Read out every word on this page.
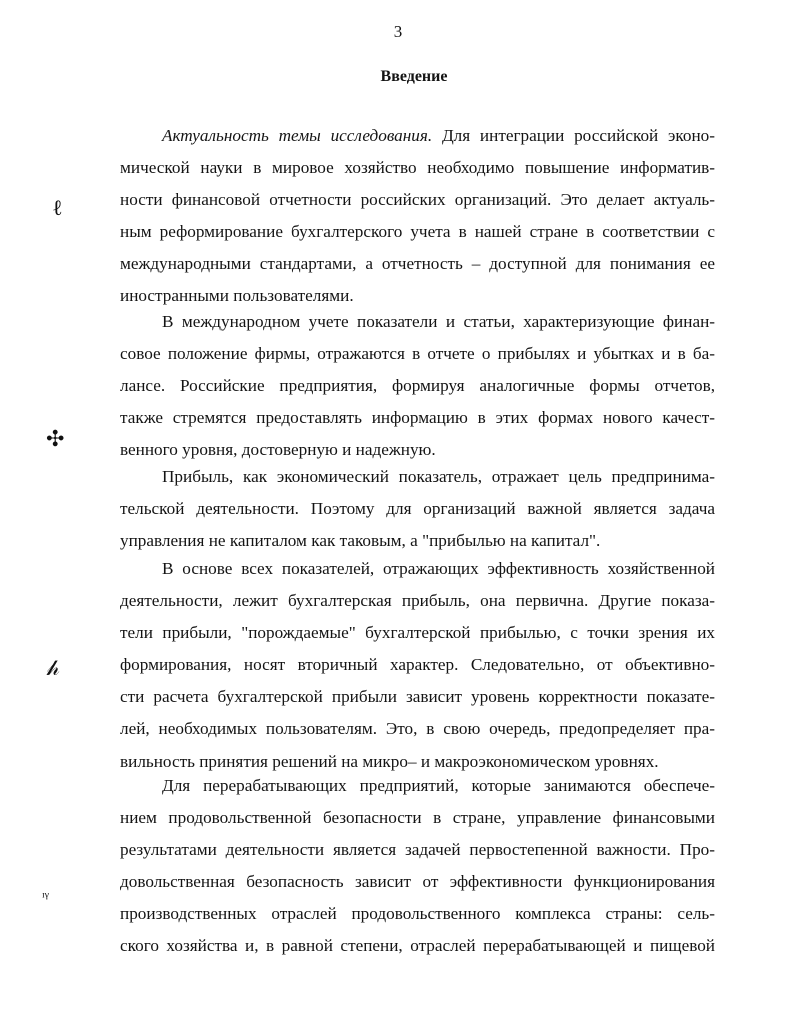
3
Введение
ℓ
✣
𝒽
ᶦᵞ
Актуальность темы исследования. Для интеграции российской эконо-
мической науки в мировое хозяйство необходимо повышение информатив-
ности финансовой отчетности российских организаций. Это делает актуаль-
ным реформирование бухгалтерского учета в нашей стране в соответствии с
международными стандартами, а отчетность – доступной для понимания ее
иностранными пользователями.
В международном учете показатели и статьи, характеризующие финан-
совое положение фирмы, отражаются в отчете о прибылях и убытках и в ба-
лансе. Российские предприятия, формируя аналогичные формы отчетов,
также стремятся предоставлять информацию в этих формах нового качест-
венного уровня, достоверную и надежную.
Прибыль, как экономический показатель, отражает цель предпринима-
тельской деятельности. Поэтому для организаций важной является задача
управления не капиталом как таковым, а "прибылью на капитал".
В основе всех показателей, отражающих эффективность хозяйственной
деятельности, лежит бухгалтерская прибыль, она первична. Другие показа-
тели прибыли, "порождаемые" бухгалтерской прибылью, с точки зрения их
формирования, носят вторичный характер. Следовательно, от объективно-
сти расчета бухгалтерской прибыли зависит уровень корректности показате-
лей, необходимых пользователям. Это, в свою очередь, предопределяет пра-
вильность принятия решений на микро– и макроэкономическом уровнях.
Для перерабатывающих предприятий, которые занимаются обеспече-
нием продовольственной безопасности в стране, управление финансовыми
результатами деятельности является задачей первостепенной важности. Про-
довольственная безопасность зависит от эффективности функционирования
производственных отраслей продовольственного комплекса страны: сель-
ского хозяйства и, в равной степени, отраслей перерабатывающей и пищевой
